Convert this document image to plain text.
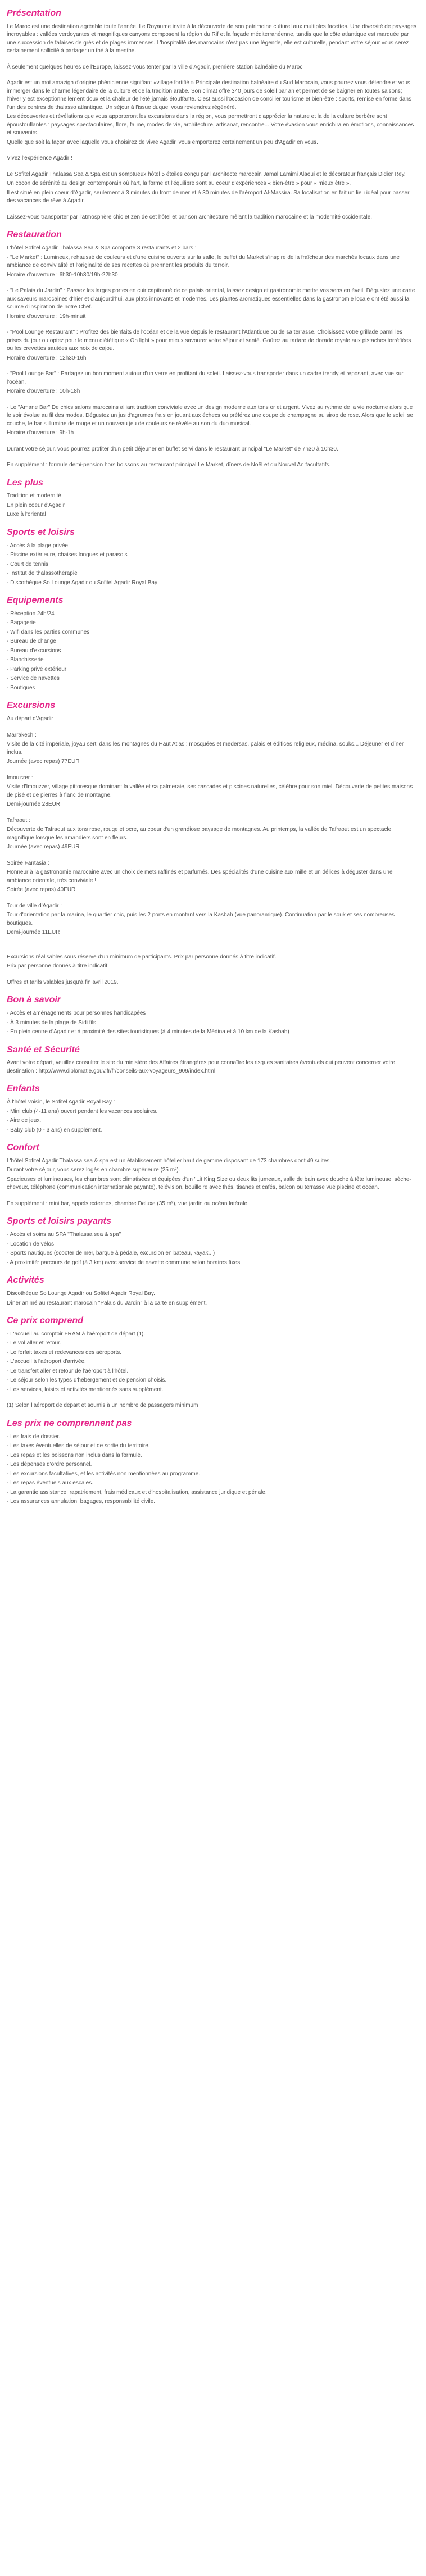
Présentation
Le Maroc est une destination agréable toute l'année. Le Royaume invite à la découverte de son patrimoine culturel aux multiples facettes. Une diversité de paysages incroyables : vallées verdoyantes et magnifiques canyons composent la région du Rif et la façade méditerranéenne, tandis que la côte atlantique est marquée par une succession de falaises de grès et de plages immenses. L'hospitalité des marocains n'est pas une légende, elle est culturelle, pendant votre séjour vous serez certainement sollicité à partager un thé à la menthe.
À seulement quelques heures de l'Europe, laissez-vous tenter par la ville d'Agadir, première station balnéaire du Maroc !
Agadir est un mot amazigh d'origine phénicienne signifiant «village fortifié » Principale destination balnéaire du Sud Marocain, vous pourrez vous détendre et vous immerger dans le charme légendaire de la culture et de la tradition arabe. Son climat offre 340 jours de soleil par an et permet de se baigner en toutes saisons; l'hiver y est exceptionnellement doux et la chaleur de l'été jamais étouffante. C'est aussi l'occasion de concilier tourisme et bien-être : sports, remise en forme dans l'un des centres de thalasso atlantique. Un séjour à l'issue duquel vous reviendrez régénéré.
Les découvertes et révélations que vous apporteront les excursions dans la région, vous permettront d'apprécier la nature et la de la culture berbère sont époustouflantes : paysages spectaculaires, flore, faune, modes de vie, architecture, artisanat, rencontre... Votre évasion vous enrichira en émotions, connaissances et souvenirs.
Quelle que soit la façon avec laquelle vous choisirez de vivre Agadir, vous emporterez certainement un peu d'Agadir en vous.
Vivez l'expérience Agadir !
Le Sofitel Agadir Thalassa Sea & Spa est un somptueux hôtel 5 étoiles conçu par l'architecte marocain Jamal Lamimi Alaoui et le décorateur français Didier Rey.
Un cocon de sérénité au design contemporain où l'art, la forme et l'équilibre sont au coeur d'expériences « bien-être » pour « mieux être ».
Il est situé en plein coeur d'Agadir, seulement à 3 minutes du front de mer et à 30 minutes de l'aéroport Al-Massira. Sa localisation en fait un lieu idéal pour passer des vacances de rêve à Agadir.
Laissez-vous transporter par l'atmosphère chic et zen de cet hôtel et par son architecture mêlant la tradition marocaine et la modernité occidentale.
Restauration
L'hôtel Sofitel Agadir Thalassa Sea & Spa comporte 3 restaurants et 2 bars :
- "Le Market" : Lumineux, rehaussé de couleurs et d'une cuisine ouverte sur la salle, le buffet du Market s'inspire de la fraîcheur des marchés locaux dans une ambiance de convivialité et l'originalité de ses recettes où prennent les produits du terroir.
Horaire d'ouverture : 6h30-10h30/19h-22h30
- "Le Palais du Jardin" : Passez les larges portes en cuir capitonné de ce palais oriental, laissez design et gastronomie mettre vos sens en éveil. Dégustez une carte aux saveurs marocaines d'hier et d'aujourd'hui, aux plats innovants et modernes. Les plantes aromatiques essentielles dans la gastronomie locale ont été aussi la source d'inspiration de notre Chef.
Horaire d'ouverture : 19h-minuit
- "Pool Lounge Restaurant" : Profitez des bienfaits de l'océan et de la vue depuis le restaurant l'Atlantique ou de sa terrasse. Choisissez votre grillade parmi les prises du jour ou optez pour le menu diététique « On light » pour mieux savourer votre séjour et santé. Goûtez au tartare de dorade royale aux pistaches torréfiées ou les crevettes sautées aux noix de cajou.
Horaire d'ouverture : 12h30-16h
- "Pool Lounge Bar" : Partagez un bon moment autour d'un verre en profitant du soleil. Laissez-vous transporter dans un cadre trendy et reposant, avec vue sur l'océan.
Horaire d'ouverture : 10h-18h
- Le "Amane Bar" De chics salons marocains alliant tradition conviviale avec un design moderne aux tons or et argent. Vivez au rythme de la vie nocturne alors que le soir évolue au fil des modes. Dégustez un jus d'agrumes frais en jouant aux échecs ou préférez une coupe de champagne au sirop de rose. Alors que le soleil se couche, le bar s'illumine de rouge et un nouveau jeu de couleurs se révèle au son du duo musical.
Horaire d'ouverture : 9h-1h
Durant votre séjour, vous pourrez profiter d'un petit déjeuner en buffet servi dans le restaurant principal "Le Market" de 7h30 à 10h30.
En supplément : formule demi-pension hors boissons au restaurant principal Le Market, dîners de Noël et du Nouvel An facultatifs.
Les plus
Tradition et modernité
En plein coeur d'Agadir
Luxe à l'oriental
Sports et loisirs
- Accès à la plage privée
- Piscine extérieure, chaises longues et parasols
- Court de tennis
- Institut de thalassothérapie
- Discothèque So Lounge Agadir ou Sofitel Agadir Royal Bay
Equipements
- Réception 24h/24
- Bagagerie
- Wifi dans les parties communes
- Bureau de change
- Bureau d'excursions
- Blanchisserie
- Parking privé extérieur
- Service de navettes
- Boutiques
Excursions
Au départ d'Agadir
Marrakech :
Visite de la cité impériale, joyau serti dans les montagnes du Haut Atlas : mosquées et medersas, palais et édifices religieux, médina, souks... Déjeuner et dîner inclus.
Journée (avec repas) 77EUR
Imouzzer :
Visite d'Imouzzer, village pittoresque dominant la vallée et sa palmeraie, ses cascades et piscines naturelles, célèbre pour son miel. Découverte de petites maisons de pisé et de pierres à flanc de montagne.
Demi-journée 28EUR
Tafraout :
Découverte de Tafraout aux tons rose, rouge et ocre, au coeur d'un grandiose paysage de montagnes. Au printemps, la vallée de Tafraout est un spectacle magnifique lorsque les amandiers sont en fleurs.
Journée (avec repas) 49EUR
Soirée Fantasia :
Honneur à la gastronomie marocaine avec un choix de mets raffinés et parfumés. Des spécialités d'une cuisine aux mille et un délices à déguster dans une ambiance orientale, très conviviale !
Soirée (avec repas) 40EUR
Tour de ville d'Agadir :
Tour d'orientation par la marina, le quartier chic, puis les 2 ports en montant vers la Kasbah (vue panoramique). Continuation par le souk et ses nombreuses boutiques.
Demi-journée 11EUR
Excursions réalisables sous réserve d'un minimum de participants. Prix par personne donnés à titre indicatif.
Prix par personne donnés à titre indicatif.
Offres et tarifs valables jusqu'à fin avril 2019.
Bon à savoir
- Accès et aménagements pour personnes handicapées
- À 3 minutes de la plage de Sidi fils
- En plein centre d'Agadir et à proximité des sites touristiques (à 4 minutes de la Médina et à 10 km de la Kasbah)
Santé et Sécurité
Avant votre départ, veuillez consulter le site du ministère des Affaires étrangères pour connaître les risques sanitaires éventuels qui peuvent concerner votre destination : http://www.diplomatie.gouv.fr/fr/conseils-aux-voyageurs_909/index.html
Enfants
À l'hôtel voisin, le Sofitel Agadir Royal Bay :
- Mini club (4-11 ans) ouvert pendant les vacances scolaires.
- Aire de jeux.
- Baby club (0 - 3 ans) en supplément.
Confort
L'hôtel Sofitel Agadir Thalassa sea & spa est un établissement hôtelier haut de gamme disposant de 173 chambres dont 49 suites.
Durant votre séjour, vous serez logés en chambre supérieure (25 m²).
Spacieuses et lumineuses, les chambres sont climatisées et équipées d'un "Lit King Size ou deux lits jumeaux, salle de bain avec douche à tête lumineuse, sèche-cheveux, téléphone (communication internationale payante), télévision, bouilloire avec thés, tisanes et cafés, balcon ou terrasse vue piscine et océan.
En supplément : mini bar, appels externes, chambre Deluxe (35 m²), vue jardin ou océan latérale.
Sports et loisirs payants
- Accès et soins au SPA "Thalassa sea & spa"
- Location de vélos
- Sports nautiques (scooter de mer, barque à pédale, excursion en bateau, kayak...)
- A proximité: parcours de golf (à 3 km) avec service de navette commune selon horaires fixes
Activités
Discothèque So Lounge Agadir ou Sofitel Agadir Royal Bay.
Dîner animé au restaurant marocain "Palais du Jardin" à la carte en supplément.
Ce prix comprend
- L'accueil au comptoir FRAM à l'aéroport de départ (1).
- Le vol aller et retour.
- Le forfait taxes et redevances des aéroports.
- L'accueil à l'aéroport d'arrivée.
- Le transfert aller et retour de l'aéroport à l'hôtel.
- Le séjour selon les types d'hébergement et de pension choisis.
- Les services, loisirs et activités mentionnés sans supplément.
(1) Selon l'aéroport de départ et soumis à un nombre de passagers minimum
Les prix ne comprennent pas
- Les frais de dossier.
- Les taxes éventuelles de séjour et de sortie du territoire.
- Les repas et les boissons non inclus dans la formule.
- Les dépenses d'ordre personnel.
- Les excursions facultatives, et les activités non mentionnées au programme.
- Les repas éventuels aux escales.
- La garantie assistance, rapatriement, frais médicaux et d'hospitalisation, assistance juridique et pénale.
- Les assurances annulation, bagages, responsabilité civile.
